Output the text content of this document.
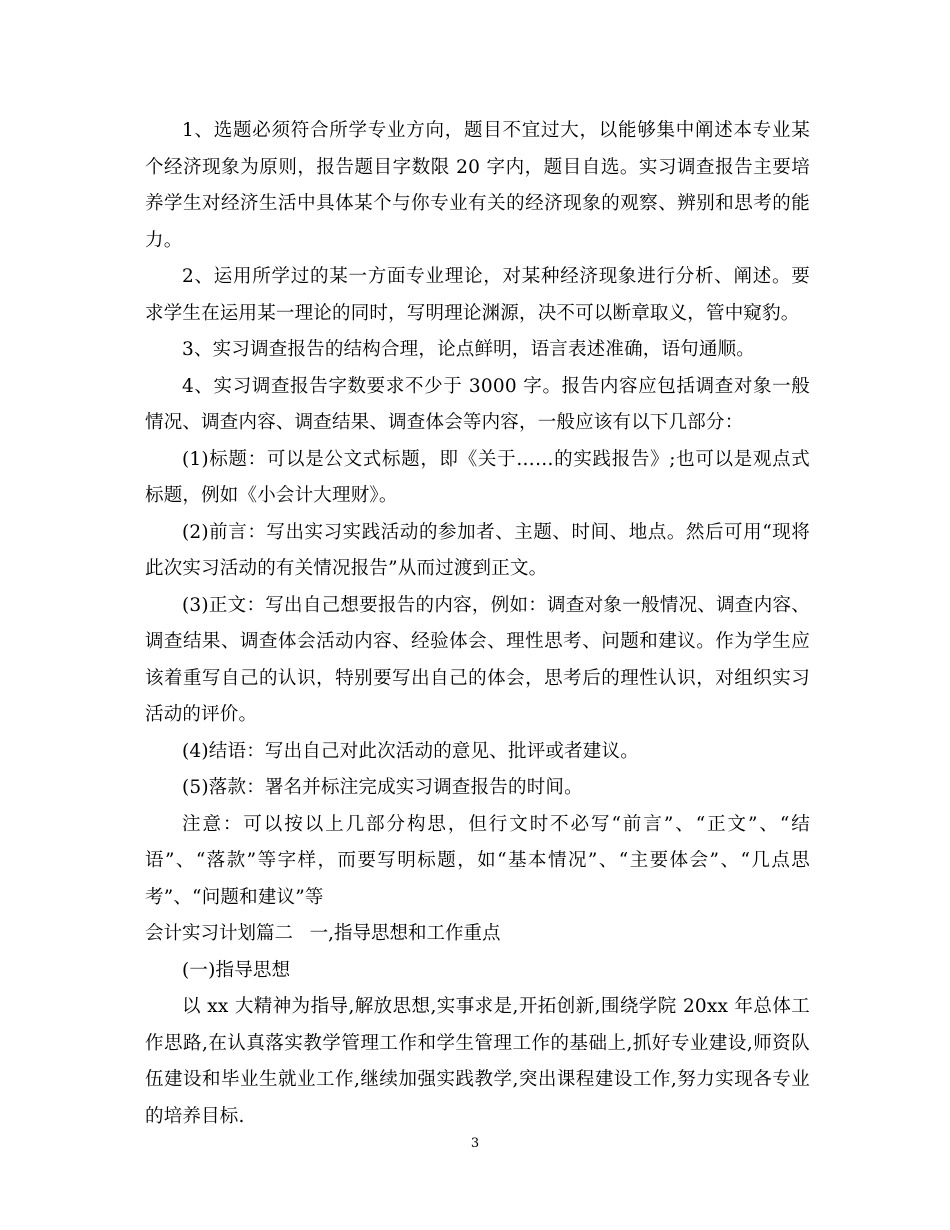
1、选题必须符合所学专业方向，题目不宜过大，以能够集中阐述本专业某个经济现象为原则，报告题目字数限 20 字内，题目自选。实习调查报告主要培养学生对经济生活中具体某个与你专业有关的经济现象的观察、辨别和思考的能力。

2、运用所学过的某一方面专业理论，对某种经济现象进行分析、阐述。要求学生在运用某一理论的同时，写明理论渊源，决不可以断章取义，管中窥豹。

3、实习调查报告的结构合理，论点鲜明，语言表述准确，语句通顺。

4、实习调查报告字数要求不少于 3000 字。报告内容应包括调查对象一般情况、调查内容、调查结果、调查体会等内容，一般应该有以下几部分：

(1)标题：可以是公文式标题，即《关于……的实践报告》;也可以是观点式标题，例如《小会计大理财》。

(2)前言：写出实习实践活动的参加者、主题、时间、地点。然后可用“现将此次实习活动的有关情况报告”从而过渡到正文。

(3)正文：写出自己想要报告的内容，例如：调查对象一般情况、调查内容、调查结果、调查体会活动内容、经验体会、理性思考、问题和建议。作为学生应该着重写自己的认识，特别要写出自己的体会，思考后的理性认识，对组织实习活动的评价。

(4)结语：写出自己对此次活动的意见、批评或者建议。

(5)落款：署名并标注完成实习调查报告的时间。

注意：可以按以上几部分构思，但行文时不必写“前言”、“正文”、“结语”、“落款”等字样，而要写明标题，如“基本情况”、“主要体会”、“几点思考”、“问题和建议”等

会计实习计划篇二	一,指导思想和工作重点

(一)指导思想

以 xx 大精神为指导,解放思想,实事求是,开拓创新,围绕学院 20xx 年总体工作思路,在认真落实教学管理工作和学生管理工作的基础上,抓好专业建设,师资队伍建设和毕业生就业工作,继续加强实践教学,突出课程建设工作,努力实现各专业的培养目标.

3
